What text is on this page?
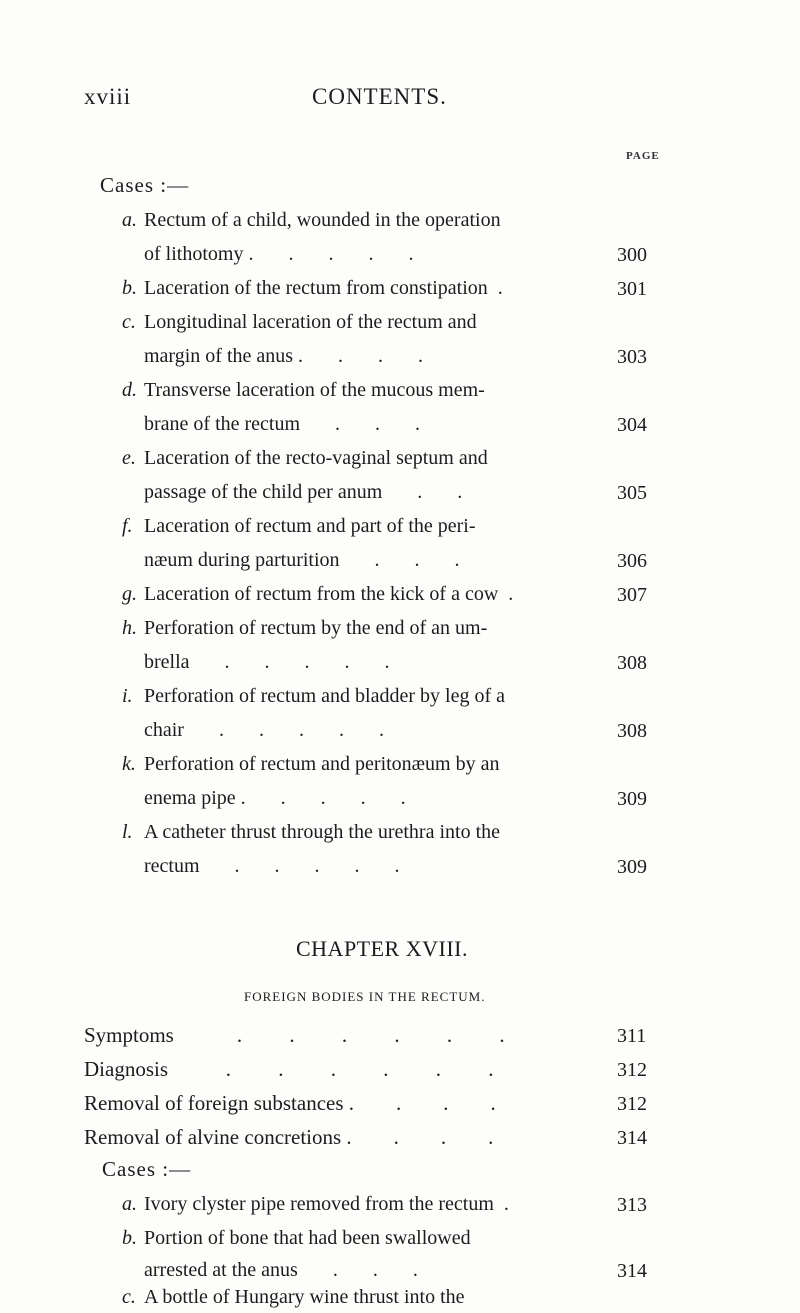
xviii	CONTENTS.
PAGE
Cases :—
a. Rectum of a child, wounded in the operation
of lithotomy .       .       .       .       .	300
b. Laceration of the rectum from constipation  .	301
c. Longitudinal laceration of the rectum and
margin of the anus .       .       .       .	303
d. Transverse laceration of the mucous mem-
brane of the rectum       .       .       .	304
e. Laceration of the recto-vaginal septum and
passage of the child per anum       .       .	305
f. Laceration of rectum and part of the peri-
næum during parturition       .       .       .	306
g. Laceration of rectum from the kick of a cow  .	307
h. Perforation of rectum by the end of an um-
brella       .       .       .       .       .	308
i. Perforation of rectum and bladder by leg of a
chair       .       .       .       .       .	308
k. Perforation of rectum and peritonæum by an
enema pipe .       .       .       .       .	309
l. A catheter thrust through the urethra into the
rectum       .       .       .       .       .	309
CHAPTER XVIII.
FOREIGN BODIES IN THE RECTUM.
Symptoms            .         .         .         .         .         .	311
Diagnosis           .         .         .         .         .         .	312
Removal of foreign substances .        .        .        .	312
Removal of alvine concretions .        .        .        .	314
Cases :—
a. Ivory clyster pipe removed from the rectum  .	313
b. Portion of bone that had been swallowed
arrested at the anus       .       .       .	314
c. A bottle of Hungary wine thrust into the
